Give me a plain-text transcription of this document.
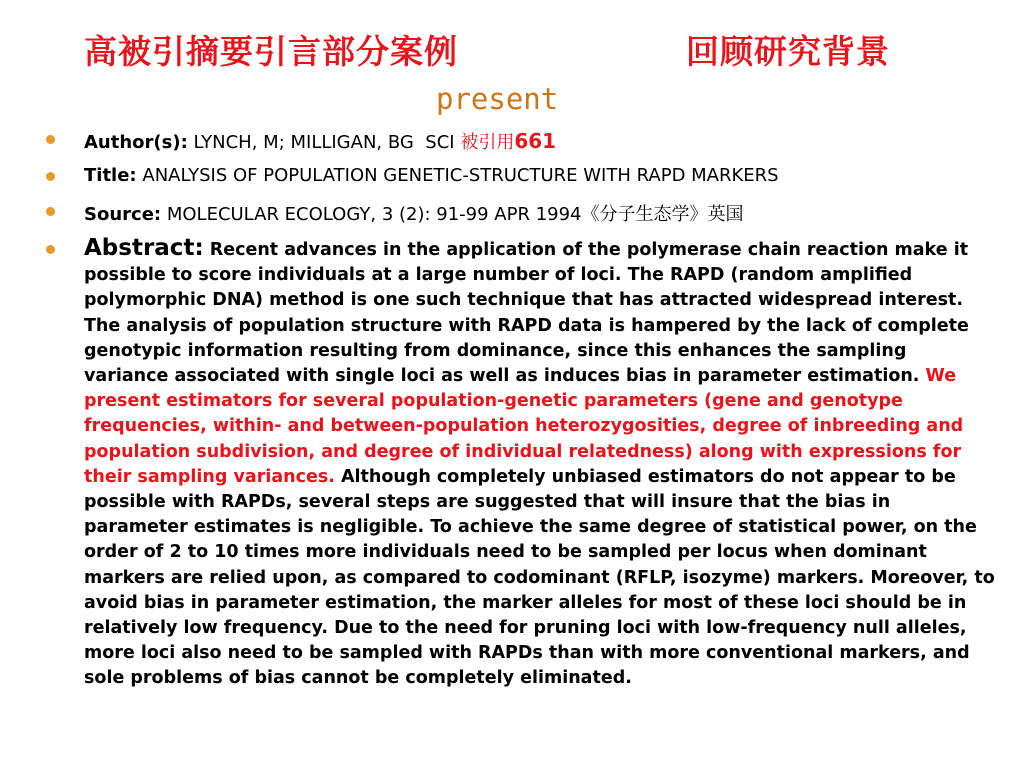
高被引摘要引言部分案例	回顾研究背景
present
Author(s): LYNCH, M; MILLIGAN, BG SCI 被引用661
Title: ANALYSIS OF POPULATION GENETIC-STRUCTURE WITH RAPD MARKERS
Source: MOLECULAR ECOLOGY, 3 (2): 91-99 APR 1994《分子生态学》英国
Abstract: Recent advances in the application of the polymerase chain reaction make it possible to score individuals at a large number of loci. The RAPD (random amplified polymorphic DNA) method is one such technique that has attracted widespread interest. The analysis of population structure with RAPD data is hampered by the lack of complete genotypic information resulting from dominance, since this enhances the sampling variance associated with single loci as well as induces bias in parameter estimation. We present estimators for several population-genetic parameters (gene and genotype frequencies, within- and between-population heterozygosities, degree of inbreeding and population subdivision, and degree of individual relatedness) along with expressions for their sampling variances. Although completely unbiased estimators do not appear to be possible with RAPDs, several steps are suggested that will insure that the bias in parameter estimates is negligible. To achieve the same degree of statistical power, on the order of 2 to 10 times more individuals need to be sampled per locus when dominant markers are relied upon, as compared to codominant (RFLP, isozyme) markers. Moreover, to avoid bias in parameter estimation, the marker alleles for most of these loci should be in relatively low frequency. Due to the need for pruning loci with low-frequency null alleles, more loci also need to be sampled with RAPDs than with more conventional markers, and sole problems of bias cannot be completely eliminated.
